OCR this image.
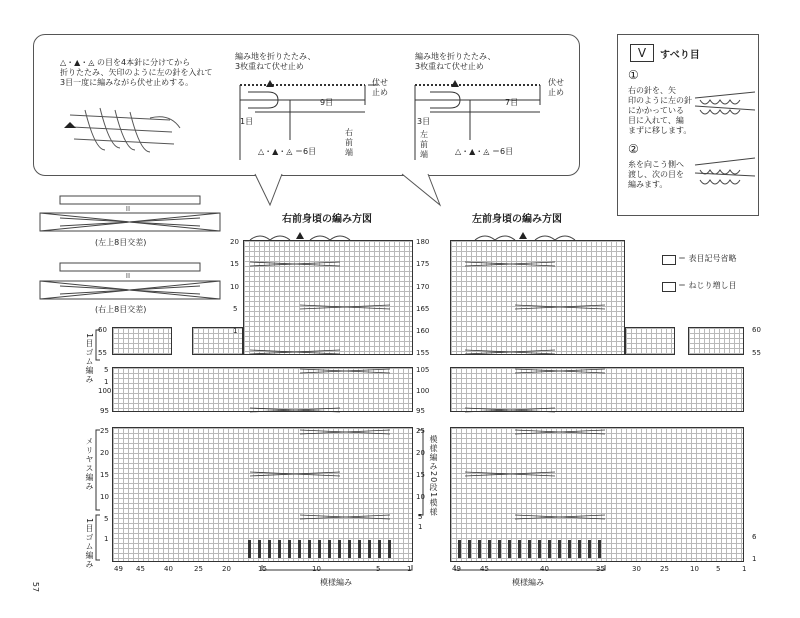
△・▲・◬ の目を4本針に分けてから
折りたたみ、矢印のように左の針を入れて
3目一度に編みながら伏せ止めする。
編み地を折りたたみ、
3枚重ねて伏せ止め
伏せ
止め
9目
1目
右
前
端
△・▲・◬ ＝6目
編み地を折りたたみ、
3枚重ねて伏せ止め
伏せ
止め
7目
3目
左
前
端	△・▲・◬ ＝6目
V	すべり目
①
右の針を、矢
印のように左の針
にかかっている
目に入れて、編
まずに移します。
②
糸を向こう側へ
渡し、次の目を
編みます。
II
II
(左上8目交差)
(右上8目交差)
右前身頃の編み方図	左前身頃の編み方図
＝ 表目記号省略
＝ ねじり増し目
20
15
10
5
1
180
175
170
165
160
155
60
55
60
55
5
1
100
95
105
100
95
25
20
15
10
5
1
25
20
15
10
5
1
6
1
49 45	40	25	20	15	10	5	1	49	45	40	35	30	25	10 5	1
1目ゴム編み
メリヤス編み
1目ゴム編み
模様編み20段1模様
模様編み	模様編み
57
